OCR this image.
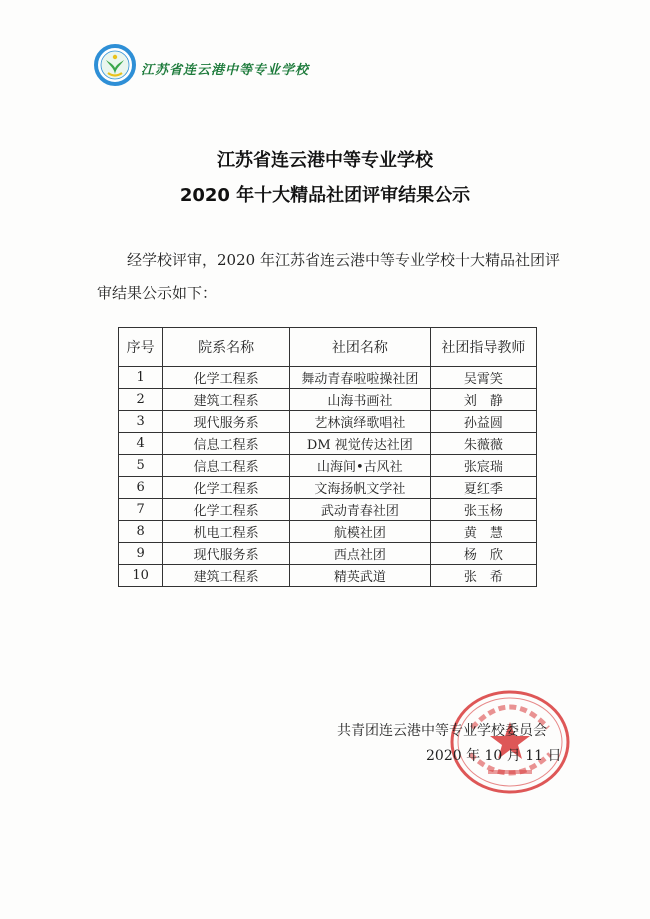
江苏省连云港中等专业学校
江苏省连云港中等专业学校
2020 年十大精品社团评审结果公示
经学校评审，2020 年江苏省连云港中等专业学校十大精品社团评审结果公示如下：
序号	院系名称	社团名称	社团指导教师
1	化学工程系	舞动青春啦啦操社团	吴霄笑
2	建筑工程系	山海书画社	刘　静
3	现代服务系	艺林演绎歌唱社	孙益圆
4	信息工程系	DM 视觉传达社团	朱薇薇
5	信息工程系	山海间•古风社	张宸瑞
6	化学工程系	文海扬帆文学社	夏红季
7	化学工程系	武动青春社团	张玉杨
8	机电工程系	航模社团	黄　慧
9	现代服务系	西点社团	杨　欣
10	建筑工程系	精英武道	张　希
共青团连云港中等专业学校委员会
2020 年 10 月 11 日
